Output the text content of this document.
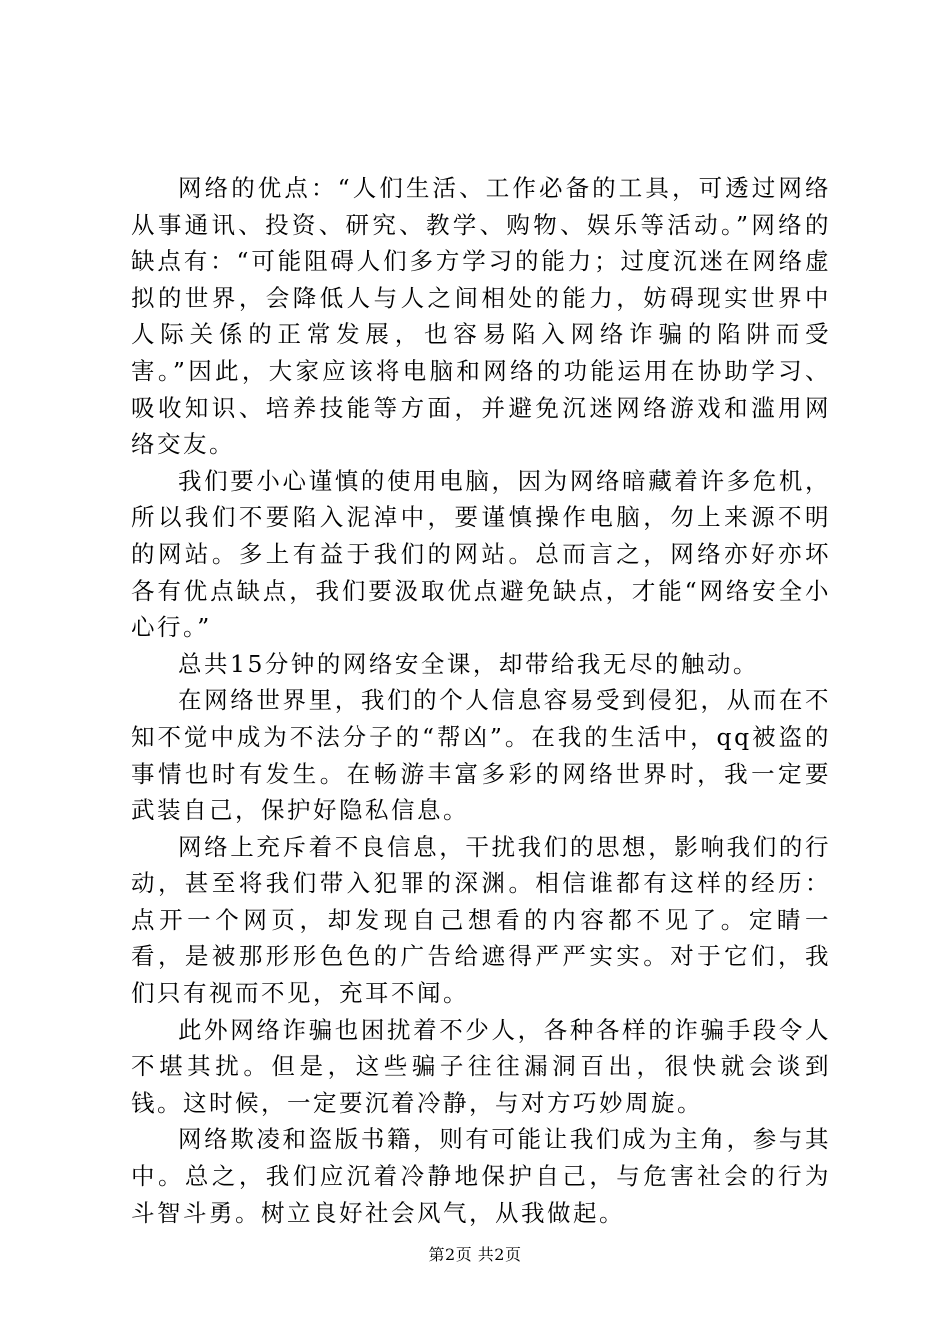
网络的优点：“人们生活、工作必备的工具，可透过网络从事通讯、投资、研究、教学、购物、娱乐等活动。”网络的缺点有：“可能阻碍人们多方学习的能力；过度沉迷在网络虚拟的世界，会降低人与人之间相处的能力，妨碍现实世界中人际关係的正常发展，也容易陷入网络诈骗的陷阱而受害。”因此，大家应该将电脑和网络的功能运用在协助学习、吸收知识、培养技能等方面，并避免沉迷网络游戏和滥用网络交友。

我们要小心谨慎的使用电脑，因为网络暗藏着许多危机，所以我们不要陷入泥淖中，要谨慎操作电脑，勿上来源不明的网站。多上有益于我们的网站。总而言之，网络亦好亦坏各有优点缺点，我们要汲取优点避免缺点，才能“网络安全小心行。”

总共15分钟的网络安全课，却带给我无尽的触动。

在网络世界里，我们的个人信息容易受到侵犯，从而在不知不觉中成为不法分子的“帮凶”。在我的生活中，qq被盗的事情也时有发生。在畅游丰富多彩的网络世界时，我一定要武装自己，保护好隐私信息。

网络上充斥着不良信息，干扰我们的思想，影响我们的行动，甚至将我们带入犯罪的深渊。相信谁都有这样的经历：点开一个网页，却发现自己想看的内容都不见了。定睛一看，是被那形形色色的广告给遮得严严实实。对于它们，我们只有视而不见，充耳不闻。

此外网络诈骗也困扰着不少人，各种各样的诈骗手段令人不堪其扰。但是，这些骗子往往漏洞百出，很快就会谈到钱。这时候，一定要沉着冷静，与对方巧妙周旋。

网络欺凌和盗版书籍，则有可能让我们成为主角，参与其中。总之，我们应沉着冷静地保护自己，与危害社会的行为斗智斗勇。树立良好社会风气，从我做起。

第2页 共2页
